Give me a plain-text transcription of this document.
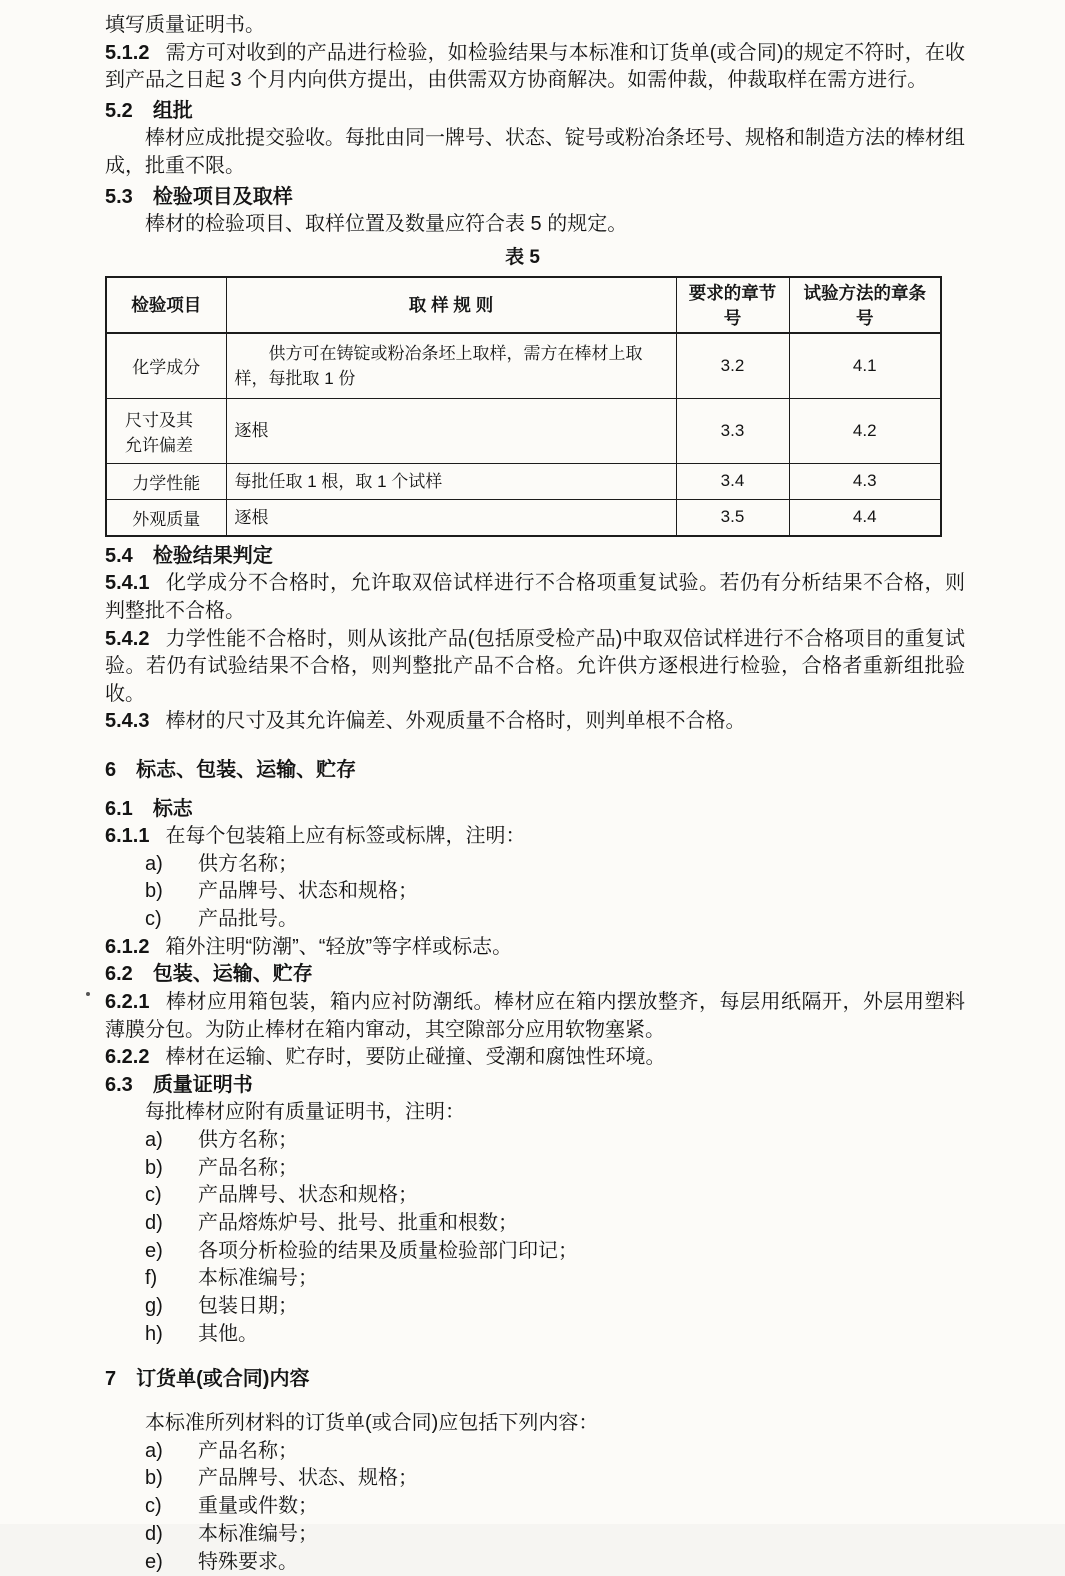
填写质量证明书。

5.1.2 需方可对收到的产品进行检验，如检验结果与本标准和订货单(或合同)的规定不符时，在收到产品之日起 3 个月内向供方提出，由供需双方协商解决。如需仲裁，仲裁取样在需方进行。

5.2 组批

棒材应成批提交验收。每批由同一牌号、状态、锭号或粉冶条坯号、规格和制造方法的棒材组成，批重不限。

5.3 检验项目及取样

棒材的检验项目、取样位置及数量应符合表 5 的规定。

表 5
检验项目	取 样 规 则	要求的章节号	试验方法的章条号
化学成分	供方可在铸锭或粉冶条坯上取样，需方在棒材上取样，每批取 1 份	3.2	4.1
尺寸及其 允许偏差	逐根	3.3	4.2
力学性能	每批任取 1 根，取 1 个试样	3.4	4.3
外观质量	逐根	3.5	4.4

5.4 检验结果判定

5.4.1 化学成分不合格时，允许取双倍试样进行不合格项重复试验。若仍有分析结果不合格，则判整批不合格。

5.4.2 力学性能不合格时，则从该批产品(包括原受检产品)中取双倍试样进行不合格项目的重复试验。若仍有试验结果不合格，则判整批产品不合格。允许供方逐根进行检验，合格者重新组批验收。

5.4.3 棒材的尺寸及其允许偏差、外观质量不合格时，则判单根不合格。

6 标志、包装、运输、贮存

6.1 标志

6.1.1 在每个包装箱上应有标签或标牌，注明：

a) 供方名称；
b) 产品牌号、状态和规格；
c) 产品批号。

6.1.2 箱外注明“防潮”、“轻放”等字样或标志。

6.2 包装、运输、贮存

6.2.1 棒材应用箱包装，箱内应衬防潮纸。棒材应在箱内摆放整齐，每层用纸隔开，外层用塑料薄膜分包。为防止棒材在箱内窜动，其空隙部分应用软物塞紧。

6.2.2 棒材在运输、贮存时，要防止碰撞、受潮和腐蚀性环境。

6.3 质量证明书

每批棒材应附有质量证明书，注明：

a) 供方名称；
b) 产品名称；
c) 产品牌号、状态和规格；
d) 产品熔炼炉号、批号、批重和根数；
e) 各项分析检验的结果及质量检验部门印记；
f) 本标准编号；
g) 包装日期；
h) 其他。

7 订货单(或合同)内容

本标准所列材料的订货单(或合同)应包括下列内容：

a) 产品名称；
b) 产品牌号、状态、规格；
c) 重量或件数；
d) 本标准编号；
e) 特殊要求。
